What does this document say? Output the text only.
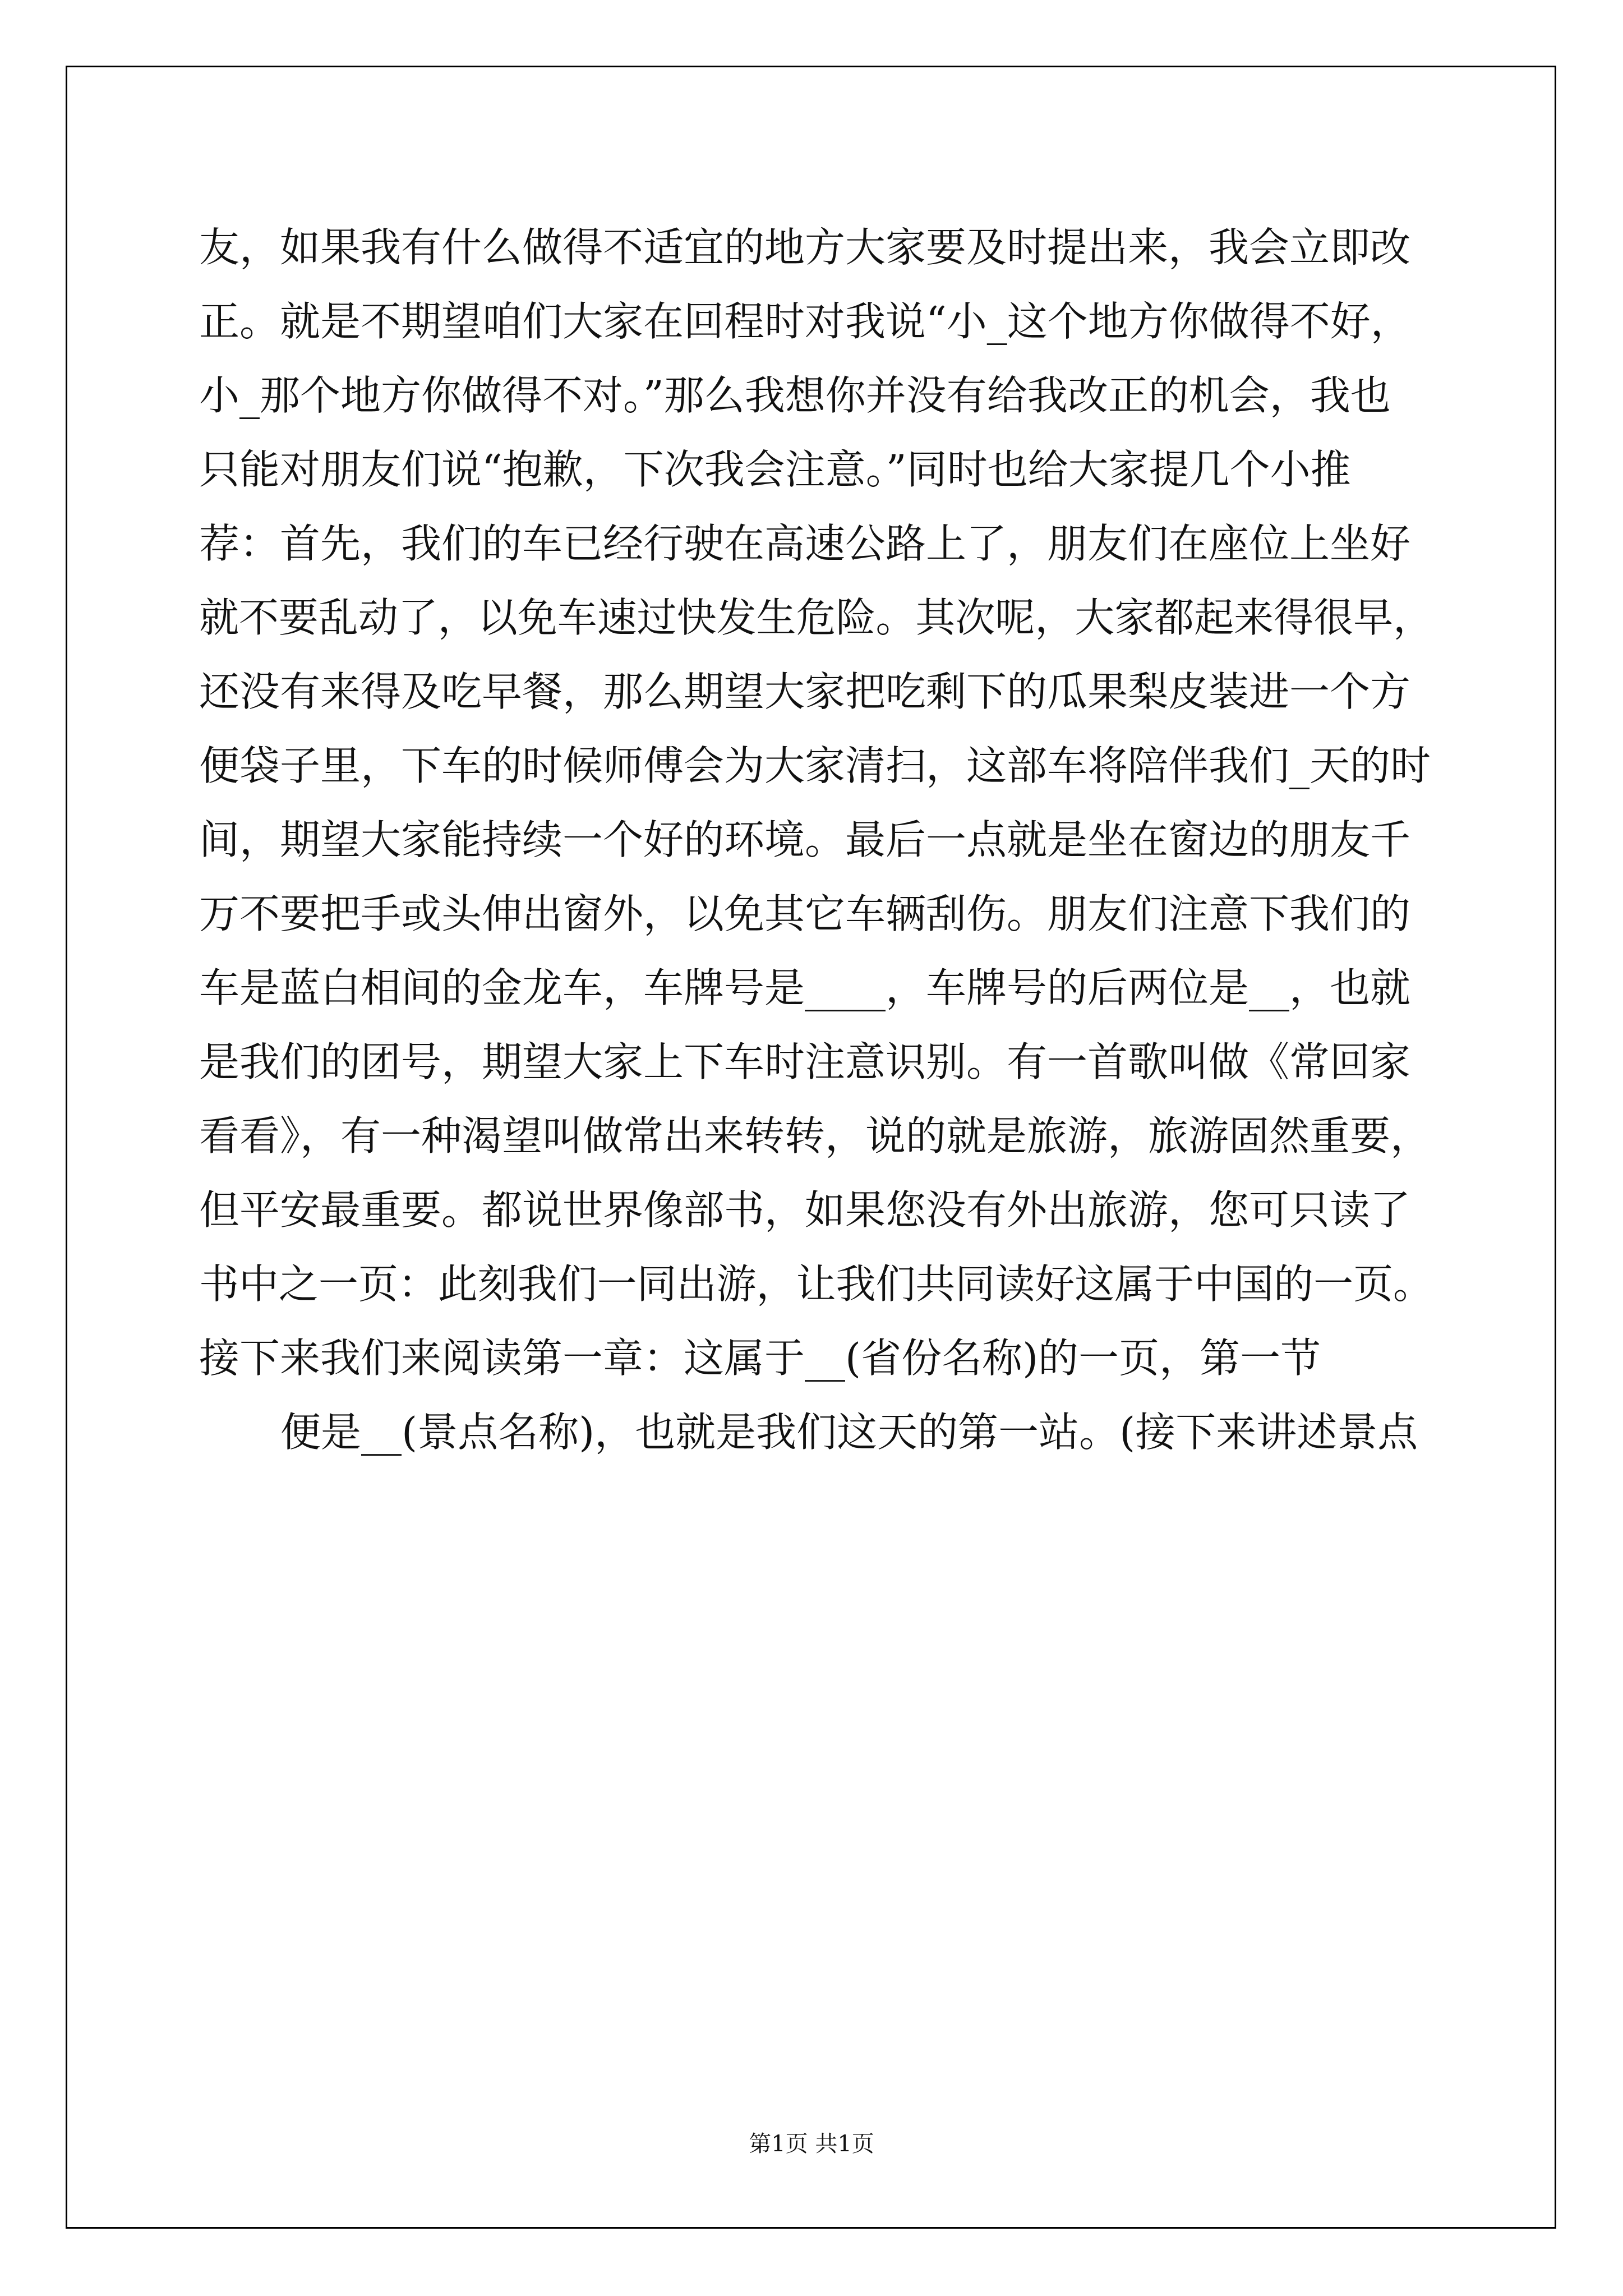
友，如果我有什么做得不适宜的地方大家要及时提出来，我会立即改
正。就是不期望咱们大家在回程时对我说“小_这个地方你做得不好，
小_那个地方你做得不对。”那么我想你并没有给我改正的机会，我也
只能对朋友们说“抱歉，下次我会注意。”同时也给大家提几个小推
荐：首先，我们的车已经行驶在高速公路上了，朋友们在座位上坐好
就不要乱动了，以免车速过快发生危险。其次呢，大家都起来得很早，
还没有来得及吃早餐，那么期望大家把吃剩下的瓜果梨皮装进一个方
便袋子里，下车的时候师傅会为大家清扫，这部车将陪伴我们_天的时
间，期望大家能持续一个好的环境。最后一点就是坐在窗边的朋友千
万不要把手或头伸出窗外，以免其它车辆刮伤。朋友们注意下我们的
车是蓝白相间的金龙车，车牌号是____，车牌号的后两位是__，也就
是我们的团号，期望大家上下车时注意识别。有一首歌叫做《常回家
看看》，有一种渴望叫做常出来转转，说的就是旅游，旅游固然重要，
但平安最重要。都说世界像部书，如果您没有外出旅游，您可只读了
书中之一页：此刻我们一同出游，让我们共同读好这属于中国的一页。
接下来我们来阅读第一章：这属于__(省份名称)的一页，第一节
便是__(景点名称)，也就是我们这天的第一站。(接下来讲述景点
第1页 共1页
